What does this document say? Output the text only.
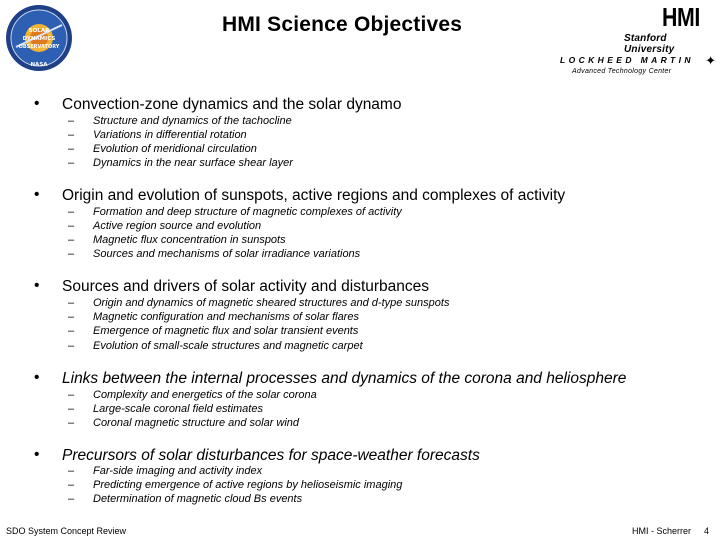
SOLAR
DYNAMICS
OBSERVATORY
NASA
HMI Science Objectives	HMI
Stanford University
LOCKHEED MARTIN ✦
Advanced Technology Center
• Convection-zone dynamics and the solar dynamo
– Structure and dynamics of the tachocline
– Variations in differential rotation
– Evolution of meridional circulation
– Dynamics in the near surface shear layer
• Origin and evolution of sunspots, active regions and complexes of activity
– Formation and deep structure of magnetic complexes of activity
– Active region source and evolution
– Magnetic flux concentration in sunspots
– Sources and mechanisms of solar irradiance variations
• Sources and drivers of solar activity and disturbances
– Origin and dynamics of magnetic sheared structures and d-type sunspots
– Magnetic configuration and mechanisms of solar flares
– Emergence of magnetic flux and solar transient events
– Evolution of small-scale structures and magnetic carpet
• Links between the internal processes and dynamics of the corona and heliosphere
– Complexity and energetics of the solar corona
– Large-scale coronal field estimates
– Coronal magnetic structure and solar wind
• Precursors of solar disturbances for space-weather forecasts
– Far-side imaging and activity index
– Predicting emergence of active regions by helioseismic imaging
– Determination of magnetic cloud Bs events
SDO System Concept Review	HMI - Scherrer 4
